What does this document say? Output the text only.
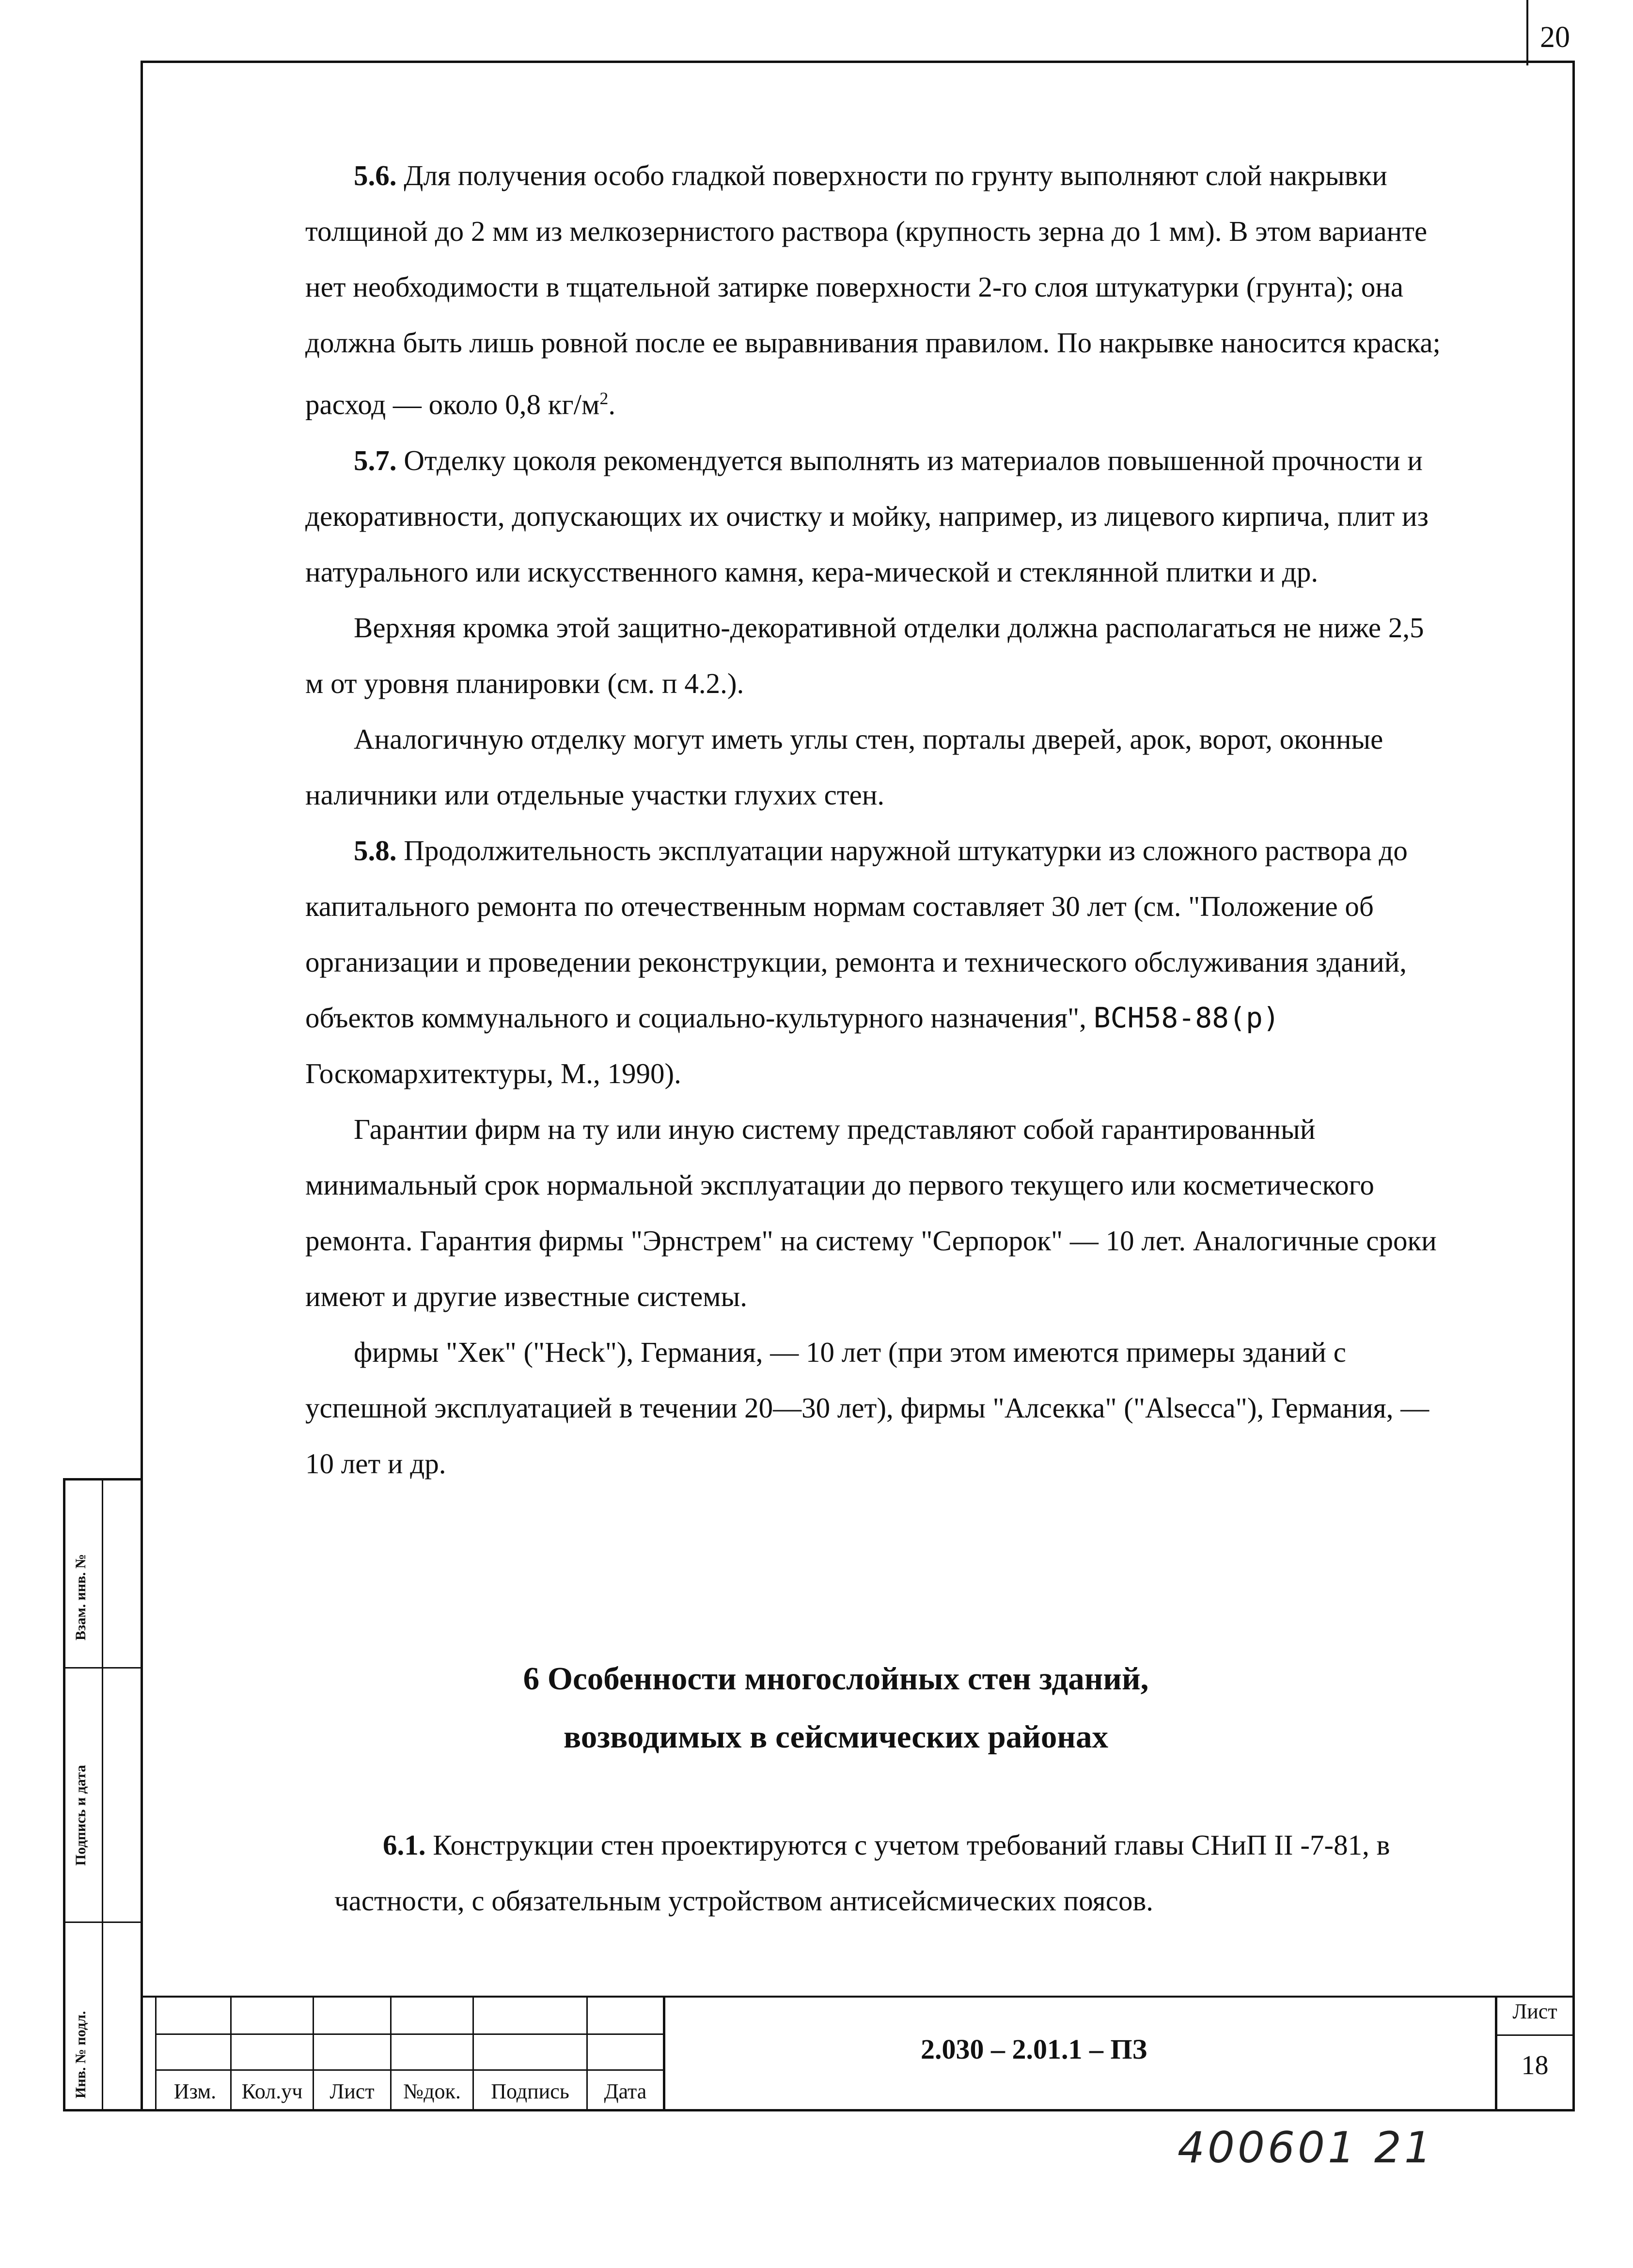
20

5.6. Для получения особо гладкой поверхности по грунту выполняют слой накрывки толщиной до 2 мм из мелкозернистого раствора (крупность зерна до 1 мм). В этом варианте нет необходимости в тщательной затирке поверхности 2-го слоя штукатурки (грунта); она должна быть лишь ровной после ее выравнивания правилом. По накрывке наносится краска; расход — около 0,8 $кг/м^2$.

5.7. Отделку цоколя рекомендуется выполнять из материалов повышенной прочности и декоративности, допускающих их очистку и мойку, например, из лицевого кирпича, плит из натурального или искусственного камня, кера-мической и стеклянной плитки и др.

Верхняя кромка этой защитно-декоративной отделки должна располагаться не ниже 2,5 м от уровня планировки (см. п 4.2.).

Аналогичную отделку могут иметь углы стен, порталы дверей, арок, ворот, оконные наличники или отдельные участки глухих стен.

5.8. Продолжительность эксплуатации наружной штукатурки из сложного раствора до капитального ремонта по отечественным нормам составляет 30 лет (см. "Положение об организации и проведении реконструкции, ремонта и технического обслуживания зданий, объектов коммунального и социально-культурного назначения", ВСН58-88(р)

Госкомархитектуры, М., 1990).

Гарантии фирм на ту или иную систему представляют собой гарантированный минимальный срок нормальной эксплуатации до первого текущего или косметического ремонта. Гарантия фирмы "Эрнстрем" на систему "Серпорок" — 10 лет. Аналогичные сроки имеют и другие известные системы.

фирмы "Хек" ("Heck"), Германия, — 10 лет (при этом имеются примеры зданий с успешной эксплуатацией в течении 20—30 лет), фирмы "Алсекка" ("Alsecca"), Германия, — 10 лет и др.

6 Особенности многослойных стен зданий,
возводимых в сейсмических районах

6.1. Конструкции стен проектируются с учетом требований главы СНиП II -7-81, в частности, с обязательным устройством антисейсмических поясов.

Взам. инв. №
Подпись и дата
Инв. № подл.	Изм.	Кол.уч	Лист	№док.	Подпись	Дата
2.030 – 2.01.1 – ПЗ
Лист
18
400601 21
